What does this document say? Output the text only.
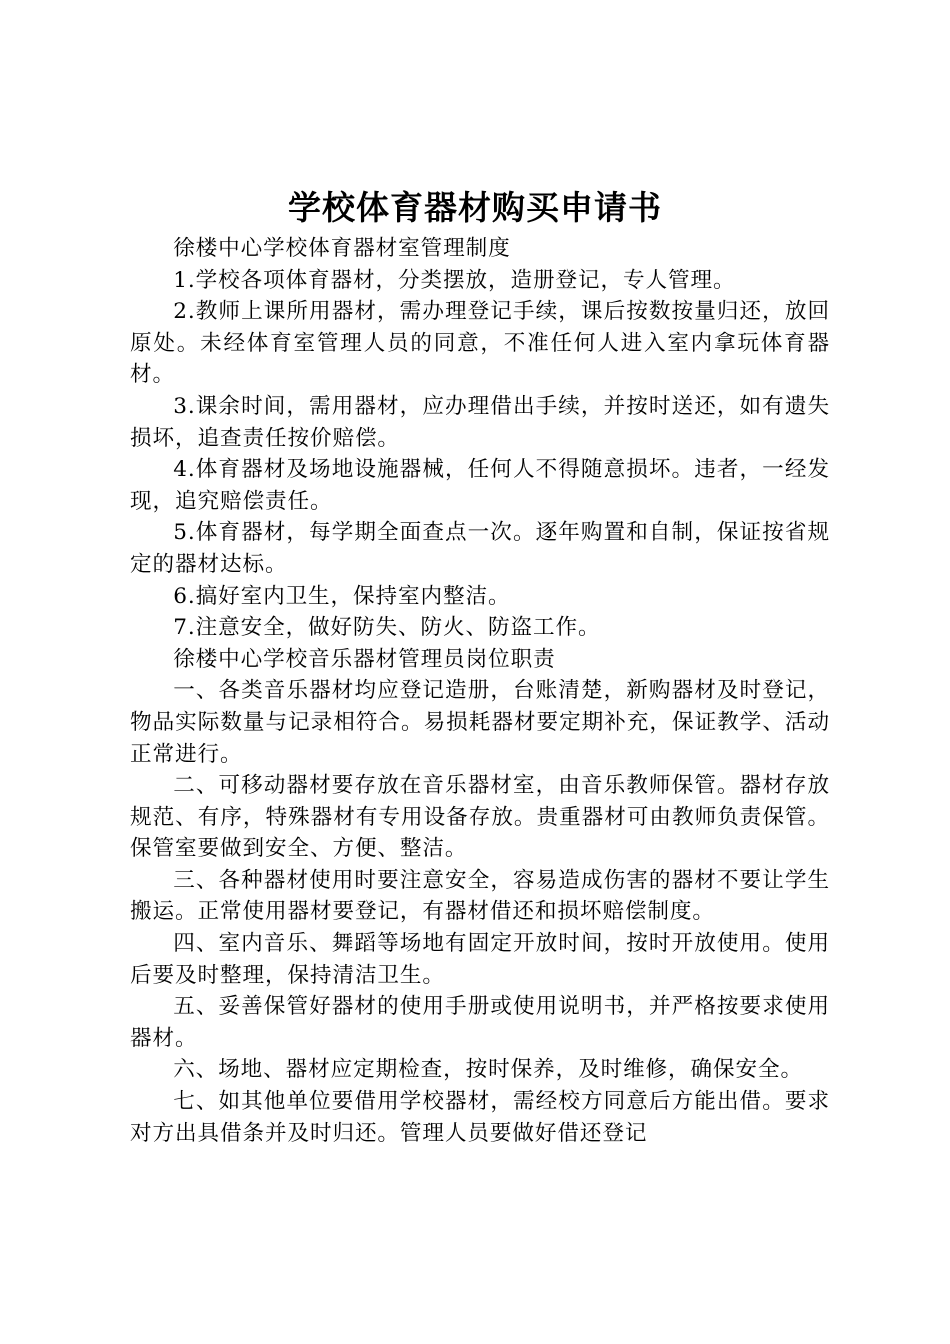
学校体育器材购买申请书

徐楼中心学校体育器材室管理制度

1.学校各项体育器材，分类摆放，造册登记，专人管理。

2.教师上课所用器材，需办理登记手续，课后按数按量归还，放回原处。未经体育室管理人员的同意，不准任何人进入室内拿玩体育器材。

3.课余时间，需用器材，应办理借出手续，并按时送还，如有遗失损坏，追查责任按价赔偿。

4.体育器材及场地设施器械，任何人不得随意损坏。违者，一经发现，追究赔偿责任。

5.体育器材，每学期全面查点一次。逐年购置和自制，保证按省规定的器材达标。

6.搞好室内卫生，保持室内整洁。

7.注意安全，做好防失、防火、防盗工作。

徐楼中心学校音乐器材管理员岗位职责

一、各类音乐器材均应登记造册，台账清楚，新购器材及时登记，物品实际数量与记录相符合。易损耗器材要定期补充，保证教学、活动正常进行。

二、可移动器材要存放在音乐器材室，由音乐教师保管。器材存放规范、有序，特殊器材有专用设备存放。贵重器材可由教师负责保管。保管室要做到安全、方便、整洁。

三、各种器材使用时要注意安全，容易造成伤害的器材不要让学生搬运。正常使用器材要登记，有器材借还和损坏赔偿制度。

四、室内音乐、舞蹈等场地有固定开放时间，按时开放使用。使用后要及时整理，保持清洁卫生。

五、妥善保管好器材的使用手册或使用说明书，并严格按要求使用器材。

六、场地、器材应定期检查，按时保养，及时维修，确保安全。

七、如其他单位要借用学校器材，需经校方同意后方能出借。要求对方出具借条并及时归还。管理人员要做好借还登记
